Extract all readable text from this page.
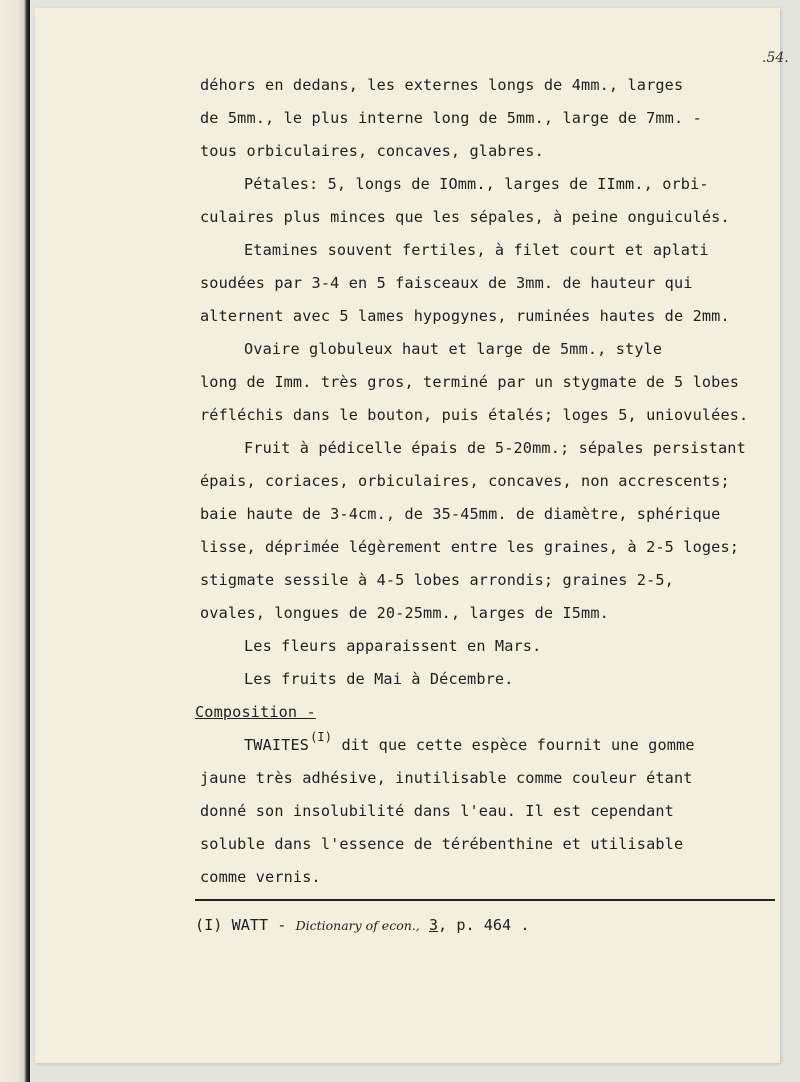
.54.
déhors en dedans, les externes longs de 4mm., larges
de 5mm., le plus interne long de 5mm., large de 7mm. -
tous orbiculaires, concaves, glabres.
Pétales: 5, longs de IOmm., larges de IImm., orbi-
culaires plus minces que les sépales, à peine onguiculés.
Etamines souvent fertiles, à filet court et aplati
soudées par 3-4 en 5 faisceaux de 3mm. de hauteur qui
alternent avec 5 lames hypogynes, ruminées hautes de 2mm.
Ovaire globuleux haut et large de 5mm., style
long de Imm. très gros, terminé par un stygmate de 5 lobes
réfléchis dans le bouton, puis étalés; loges 5, uniovulées.
Fruit à pédicelle épais de 5-20mm.; sépales persistant
épais, coriaces, orbiculaires, concaves, non accrescents;
baie haute de 3-4cm., de 35-45mm. de diamètre, sphérique
lisse, déprimée légèrement entre les graines, à 2-5 loges;
stigmate sessile à 4-5 lobes arrondis; graines 2-5,
ovales, longues de 20-25mm., larges de I5mm.
Les fleurs apparaissent en Mars.
Les fruits de Mai à Décembre.
Composition -
$TWAITES^{(I)}$ dit que cette espèce fournit une gomme
jaune très adhésive, inutilisable comme couleur étant
donné son insolubilité dans l'eau. Il est cependant
soluble dans l'essence de térébenthine et utilisable
comme vernis.
(I) WATT - Dictionary of econ., 3, p. 464 .
